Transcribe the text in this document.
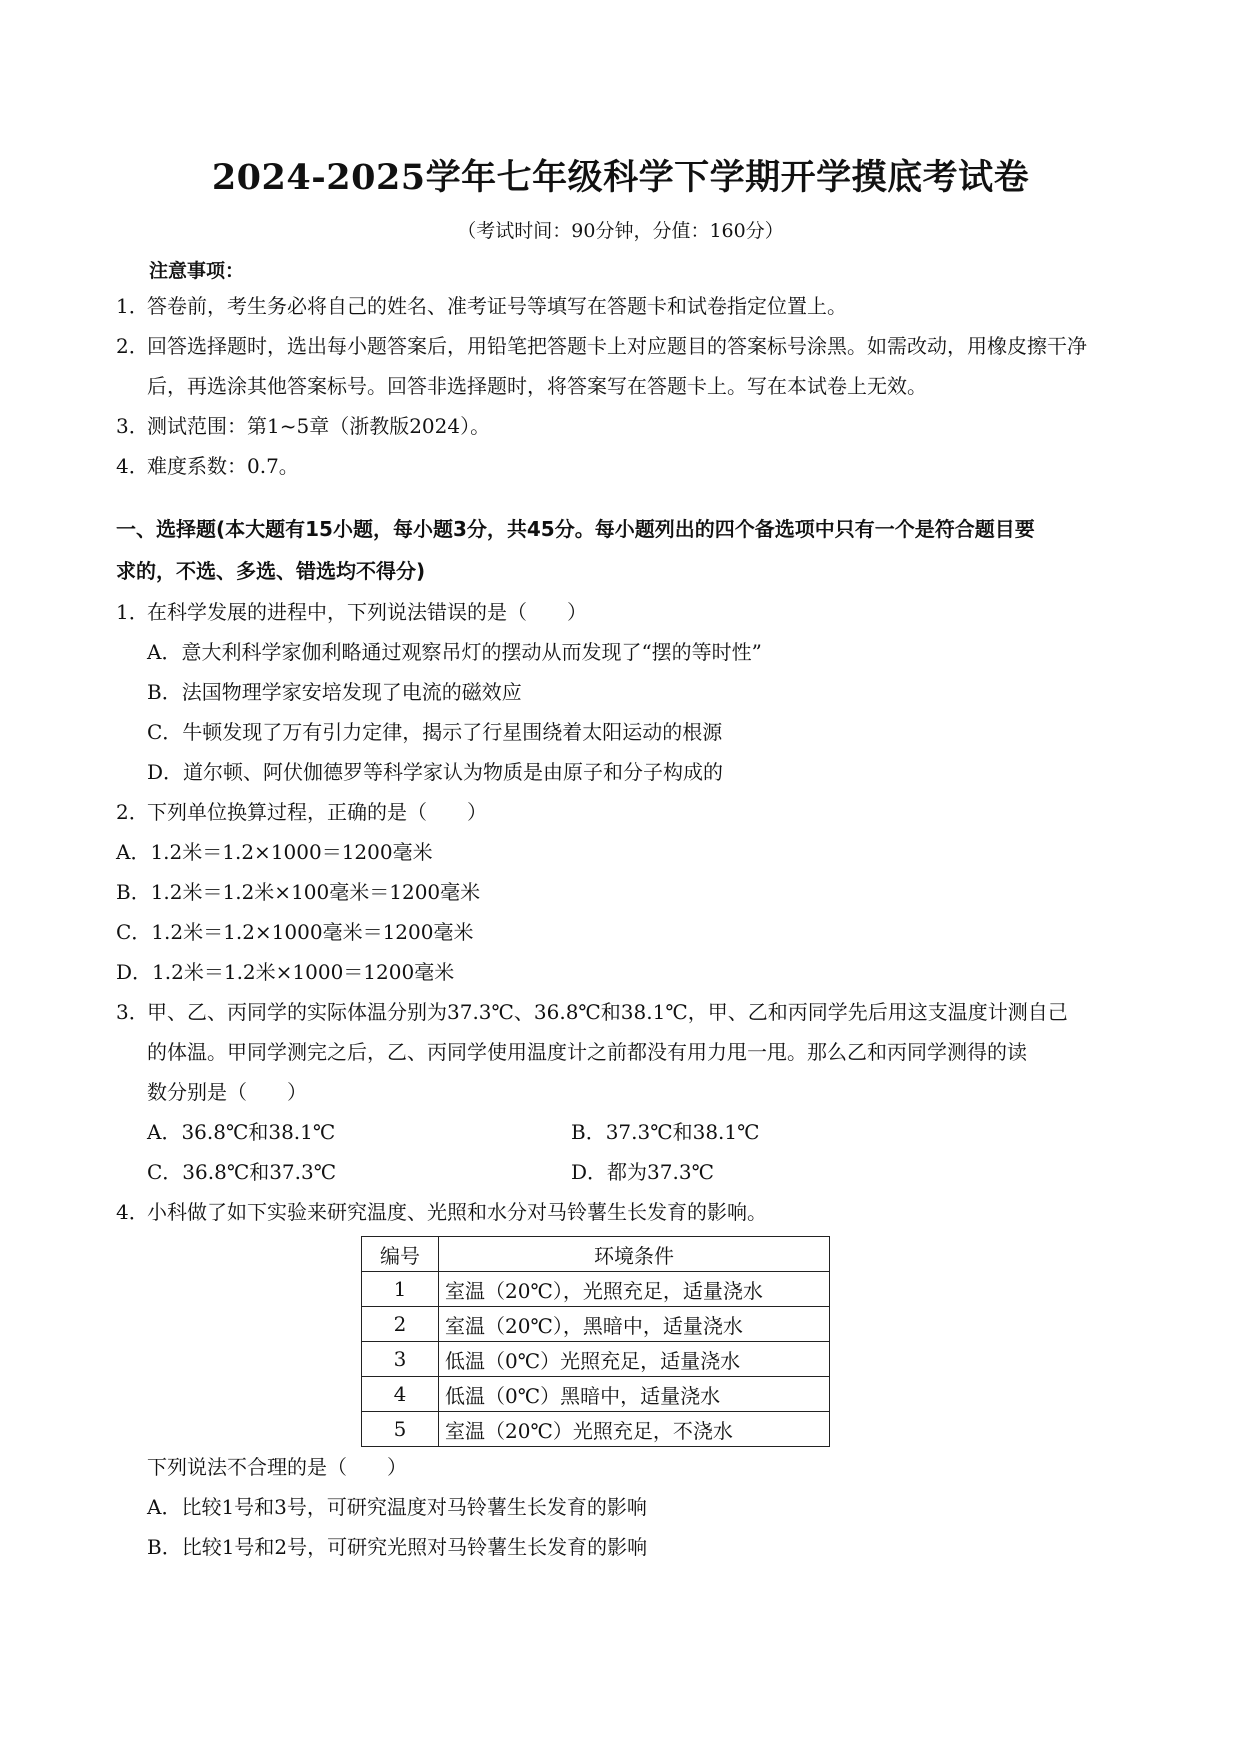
2024-2025学年七年级科学下学期开学摸底考试卷
（考试时间：90分钟，分值：160分）
注意事项：
1．
答卷前，考生务必将自己的姓名、准考证号等填写在答题卡和试卷指定位置上。
2．
回答选择题时，选出每小题答案后，用铅笔把答题卡上对应题目的答案标号涂黑。如需改动，用橡皮擦干净后，再选涂其他答案标号。回答非选择题时，将答案写在答题卡上。写在本试卷上无效。
3．
测试范围：第1~5章（浙教版2024）。
4．
难度系数：0.7。
一、选择题(本大题有15小题，每小题3分，共45分。每小题列出的四个备选项中只有一个是符合题目要
求的，不选、多选、错选均不得分)
1．
在科学发展的进程中，下列说法错误的是（　　）
A．意大利科学家伽利略通过观察吊灯的摆动从而发现了“摆的等时性”
B．法国物理学家安培发现了电流的磁效应
C．牛顿发现了万有引力定律，揭示了行星围绕着太阳运动的根源
D．道尔顿、阿伏伽德罗等科学家认为物质是由原子和分子构成的
2．
下列单位换算过程，正确的是（　　）
A．1.2米＝1.2×1000＝1200毫米
B．1.2米＝1.2米×100毫米＝1200毫米
C．1.2米＝1.2×1000毫米＝1200毫米
D．1.2米＝1.2米×1000＝1200毫米
3．
甲、乙、丙同学的实际体温分别为37.3℃、36.8℃和38.1℃，甲、乙和丙同学先后用这支温度计测自己
的体温。甲同学测完之后，乙、丙同学使用温度计之前都没有用力甩一甩。那么乙和丙同学测得的读
数分别是（　　）
A．36.8℃和38.1℃	B．37.3℃和38.1℃
C．36.8℃和37.3℃	D．都为37.3℃
4．
小科做了如下实验来研究温度、光照和水分对马铃薯生长发育的影响。
编号	环境条件
1	室温（20℃），光照充足，适量浇水
2	室温（20℃），黑暗中，适量浇水
3	低温（0℃）光照充足，适量浇水
4	低温（0℃）黑暗中，适量浇水
5	室温（20℃）光照充足，不浇水
下列说法不合理的是（　　）
A．比较1号和3号，可研究温度对马铃薯生长发育的影响
B．比较1号和2号，可研究光照对马铃薯生长发育的影响
